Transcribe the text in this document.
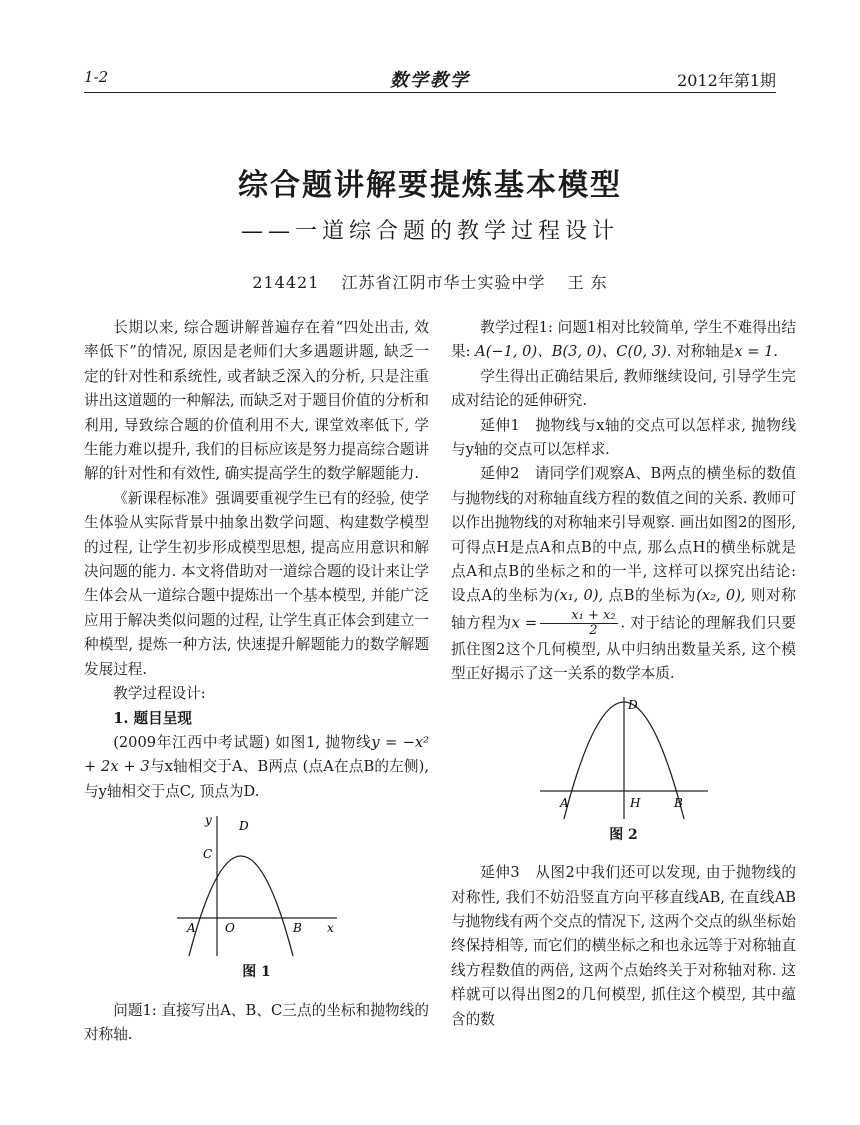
1-2	数学教学	2012年第1期
综合题讲解要提炼基本模型
——一道综合题的教学过程设计
214421 江苏省江阴市华士实验中学 王 东

长期以来, 综合题讲解普遍存在着“四处出击, 效率低下”的情况, 原因是老师们大多遇题讲题, 缺乏一定的针对性和系统性, 或者缺乏深入的分析, 只是注重讲出这道题的一种解法, 而缺乏对于题目价值的分析和利用, 导致综合题的价值利用不大, 课堂效率低下, 学生能力难以提升, 我们的目标应该是努力提高综合题讲解的针对性和有效性, 确实提高学生的数学解题能力.

《新课程标准》强调要重视学生已有的经验, 使学生体验从实际背景中抽象出数学问题、构建数学模型的过程, 让学生初步形成模型思想, 提高应用意识和解决问题的能力. 本文将借助对一道综合题的设计来让学生体会从一道综合题中提炼出一个基本模型, 并能广泛应用于解决类似问题的过程, 让学生真正体会到建立一种模型, 提炼一种方法, 快速提升解题能力的数学解题发展过程.

教学过程设计:

1. 题目呈现

(2009年江西中考试题) 如图1, 抛物线y = −x² + 2x + 3与x轴相交于A、B两点 (点A在点B的左侧), 与y轴相交于点C, 顶点为D.

y
x
A	B
C
D
O
图 1

问题1: 直接写出A、B、C三点的坐标和抛物线的对称轴.

教学过程1: 问题1相对比较简单, 学生不难得出结果: A(−1, 0)、B(3, 0)、C(0, 3). 对称轴是x = 1.

学生得出正确结果后, 教师继续设问, 引导学生完成对结论的延伸研究.

延伸1　抛物线与x轴的交点可以怎样求, 抛物线与y轴的交点可以怎样求.

延伸2　请同学们观察A、B两点的横坐标的数值与抛物线的对称轴直线方程的数值之间的关系. 教师可以作出抛物线的对称轴来引导观察. 画出如图2的图形, 可得点H是点A和点B的中点, 那么点H的横坐标就是点A和点B的坐标之和的一半, 这样可以探究出结论: 设点A的坐标为(x₁, 0), 点B的坐标为(x₂, 0), 则对称轴方程为$x = \frac{\text{x₁ + x₂}}{2}$ . 对于结论的理解我们只要抓住图2这个几何模型, 从中归纳出数量关系, 这个模型正好揭示了这一关系的数学本质.

A	B
H
D
图 2

延伸3　从图2中我们还可以发现, 由于抛物线的对称性, 我们不妨沿竖直方向平移直线AB, 在直线AB与抛物线有两个交点的情况下, 这两个交点的纵坐标始终保持相等, 而它们的横坐标之和也永远等于对称轴直线方程数值的两倍, 这两个点始终关于对称轴对称. 这样就可以得出图2的几何模型, 抓住这个模型, 其中蕴含的数
